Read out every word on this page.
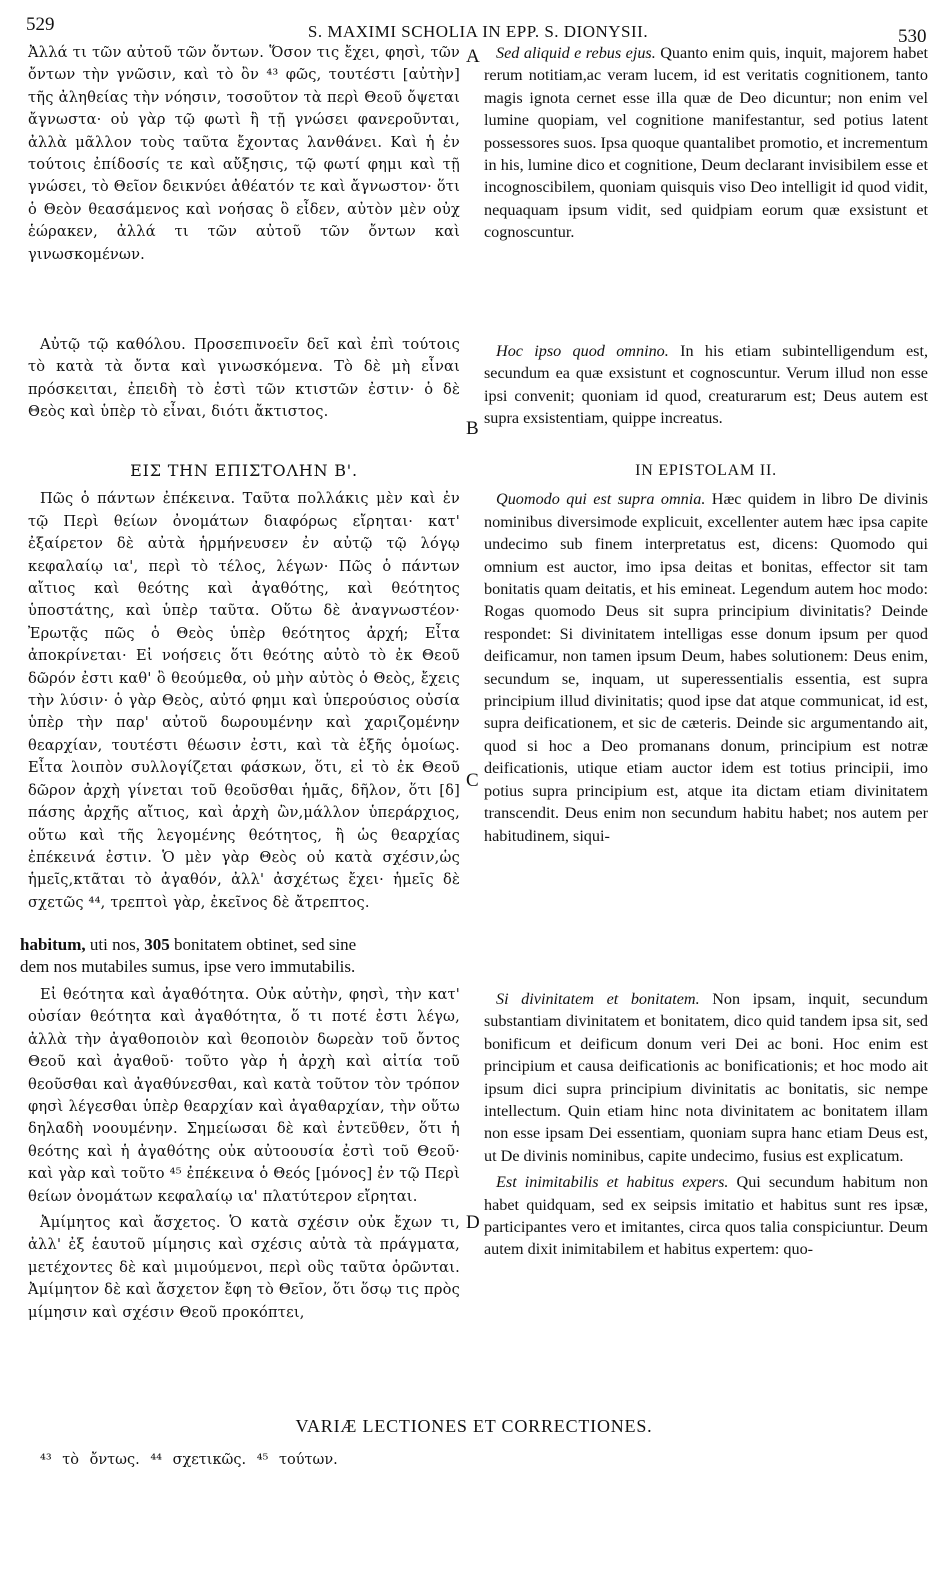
529	S. MAXIMI SCHOLIA IN EPP. S. DIONYSII.	530

Ἀλλά τι τῶν αὐτοῦ τῶν ὄντων. Ὅσον τις ἔχει, φησὶ, τῶν ὄντων τὴν γνῶσιν, καὶ τὸ ὂν ⁴³ φῶς, τουτέστι [αὐτὴν] τῆς ἀληθείας τὴν νόησιν, τοσοῦτον τὰ περὶ Θεοῦ ὄψεται ἄγνωστα· οὐ γὰρ τῷ φωτὶ ἢ τῇ γνώσει φανεροῦνται, ἀλλὰ μᾶλλον τοὺς ταῦτα ἔχοντας λανθάνει. Καὶ ἡ ἐν τούτοις ἐπίδοσίς τε καὶ αὔξησις, τῷ φωτί φημι καὶ τῇ γνώσει, τὸ Θεῖον δεικνύει ἀθέατόν τε καὶ ἄγνωστον· ὅτι ὁ Θεὸν θεασάμενος καὶ νοήσας ὃ εἶδεν, αὐτὸν μὲν οὐχ ἑώρακεν, ἀλλά τι τῶν αὐτοῦ τῶν ὄντων καὶ γινωσκομένων.

Sed aliquid e rebus ejus. Quanto enim quis, inquit, majorem habet rerum notitiam,ac veram lucem, id est veritatis cognitionem, tanto magis ignota cernet esse illa quæ de Deo dicuntur; non enim vel lumine quopiam, vel cognitione manifestantur, sed potius latent possessores suos. Ipsa quoque quantalibet promotio, et incrementum in his, lumine dico et cognitione, Deum declarant invisibilem esse et incognoscibilem, quoniam quisquis viso Deo intelligit id quod vidit, nequaquam ipsum vidit, sed quidpiam eorum quæ exsistunt et cognoscuntur.

A

Αὐτῷ τῷ καθόλου. Προσεπινοεῖν δεῖ καὶ ἐπὶ τούτοις τὸ κατὰ τὰ ὄντα καὶ γινωσκόμενα. Τὸ δὲ μὴ εἶναι πρόσκειται, ἐπειδὴ τὸ ἐστὶ τῶν κτιστῶν ἐστιν· ὁ δὲ Θεὸς καὶ ὑπὲρ τὸ εἶναι, διότι ἄκτιστος.

Hoc ipso quod omnino. In his etiam subintelligendum est, secundum ea quæ exsistunt et cognoscuntur. Verum illud non esse ipsi convenit; quoniam id quod, creaturarum est; Deus autem est supra exsistentiam, quippe increatus.

B

ΕΙΣ ΤΗΝ ΕΠΙΣΤΟΛΗΝ Β'.

Πῶς ὁ πάντων ἐπέκεινα. Ταῦτα πολλάκις μὲν καὶ ἐν τῷ Περὶ θείων ὀνομάτων διαφόρως εἴρηται· κατ' ἐξαίρετον δὲ αὐτὰ ἡρμήνευσεν ἐν αὐτῷ τῷ λόγῳ κεφαλαίῳ ια', περὶ τὸ τέλος, λέγων· Πῶς ὁ πάντων αἴτιος καὶ θεότης καὶ ἀγαθότης, καὶ θεότητος ὑποστάτης, καὶ ὑπὲρ ταῦτα. Οὕτω δὲ ἀναγνωστέον· Ἐρωτᾷς πῶς ὁ Θεὸς ὑπὲρ θεότητος ἀρχή; Εἶτα ἀποκρίνεται· Εἰ νοήσεις ὅτι θεότης αὐτὸ τὸ ἐκ Θεοῦ δῶρόν ἐστι καθ' ὃ θεούμεθα, οὐ μὴν αὐτὸς ὁ Θεὸς, ἔχεις τὴν λύσιν· ὁ γὰρ Θεὸς, αὐτό φημι καὶ ὑπερούσιος οὐσία ὑπὲρ τὴν παρ' αὐτοῦ δωρουμένην καὶ χαριζομένην θεαρχίαν, τουτέστι θέωσιν ἐστι, καὶ τὰ ἑξῆς ὁμοίως. Εἶτα λοιπὸν συλλογίζεται φάσκων, ὅτι, εἰ τὸ ἐκ Θεοῦ δῶρον ἀρχὴ γίνεται τοῦ θεοῦσθαι ἡμᾶς, δῆλον, ὅτι [δ] πάσης ἀρχῆς αἴτιος, καὶ ἀρχὴ ὢν,μάλλον ὑπεράρχιος, οὕτω καὶ τῆς λεγομένης θεότητος, ἢ ὡς θεαρχίας ἐπέκεινά ἐστιν. Ὁ μὲν γὰρ Θεὸς οὐ κατὰ σχέσιν,ὡς ἡμεῖς,κτᾶται τὸ ἀγαθόν, ἀλλ' ἀσχέτως ἔχει· ἡμεῖς δὲ σχετῶς ⁴⁴, τρεπτοὶ γὰρ, ἐκεῖνος δὲ ἄτρεπτος.

IN EPISTOLAM II.

Quomodo qui est supra omnia. Hæc quidem in libro De divinis nominibus diversimode explicuit, excellenter autem hæc ipsa capite undecimo sub finem interpretatus est, dicens: Quomodo qui omnium est auctor, imo ipsa deitas et bonitas, effector sit tam bonitatis quam deitatis, et his emineat. Legendum autem hoc modo: Rogas quomodo Deus sit supra principium divinitatis? Deinde respondet: Si divinitatem intelligas esse donum ipsum per quod deificamur, non tamen ipsum Deum, habes solutionem: Deus enim, secundum se, inquam, ut superessentialis essentia, est supra principium illud divinitatis; quod ipse dat atque communicat, id est, supra deificationem, et sic de cæteris. Deinde sic argumentando ait, quod si hoc a Deo promanans donum, principium est notræ deificationis, utique etiam auctor idem est totius principii, imo potius supra principium est, atque ita dictam etiam divinitatem transcendit. Deus enim non secundum habitu habet; nos autem per habitudinem, siqui-

C
habitum, uti nos, 305 bonitatem obtinet, sed sine
dem nos mutabiles sumus, ipse vero immutabilis.

Εἰ θεότητα καὶ ἀγαθότητα. Οὐκ αὐτὴν, φησὶ, τὴν κατ' οὐσίαν θεότητα καὶ ἀγαθότητα, ὅ τι ποτέ ἐστι λέγω, ἀλλὰ τὴν ἀγαθοποιὸν καὶ θεοποιὸν δωρεὰν τοῦ ὄντος Θεοῦ καὶ ἀγαθοῦ· τοῦτο γὰρ ἡ ἀρχὴ καὶ αἰτία τοῦ θεοῦσθαι καὶ ἀγαθύνεσθαι, καὶ κατὰ τοῦτον τὸν τρόπον φησὶ λέγεσθαι ὑπὲρ θεαρχίαν καὶ ἀγαθαρχίαν, τὴν οὕτω δηλαδὴ νοουμένην. Σημείωσαι δὲ καὶ ἐντεῦθεν, ὅτι ἡ θεότης καὶ ἡ ἀγαθότης οὐκ αὐτοουσία ἐστὶ τοῦ Θεοῦ· καὶ γὰρ καὶ τοῦτο ⁴⁵ ἐπέκεινα ὁ Θεός [μόνος] ἐν τῷ Περὶ θείων ὀνομάτων κεφαλαίῳ ια' πλατύτερον εἴρηται.

Ἀμίμητος καὶ ἄσχετος. Ὁ κατὰ σχέσιν οὐκ ἔχων τι, ἀλλ' ἐξ ἑαυτοῦ μίμησις καὶ σχέσις αὐτὰ τὰ πράγματα, μετέχοντες δὲ καὶ μιμούμενοι, περὶ οὓς ταῦτα ὁρῶνται. Ἀμίμητον δὲ καὶ ἄσχετον ἔφη τὸ Θεῖον, ὅτι ὅσῳ τις πρὸς μίμησιν καὶ σχέσιν Θεοῦ προκόπτει,

Si divinitatem et bonitatem. Non ipsam, inquit, secundum substantiam divinitatem et bonitatem, dico quid tandem ipsa sit, sed bonificum et deificum donum veri Dei ac boni. Hoc enim est principium et causa deificationis ac bonificationis; et hoc modo ait ipsum dici supra principium divinitatis ac bonitatis, sic nempe intellectum. Quin etiam hinc nota divinitatem ac bonitatem illam non esse ipsam Dei essentiam, quoniam supra hanc etiam Deus est, ut De divinis nominibus, capite undecimo, fusius est explicatum.

Est inimitabilis et habitus expers. Qui secundum habitum non habet quidquam, sed ex seipsis imitatio et habitus sunt res ipsæ, participantes vero et imitantes, circa quos talia conspiciuntur. Deum autem dixit inimitabilem et habitus expertem: quo-

D
VARIÆ LECTIONES ET CORRECTIONES.
⁴³ τὸ ὄντως. ⁴⁴ σχετικῶς. ⁴⁵ τούτων.
